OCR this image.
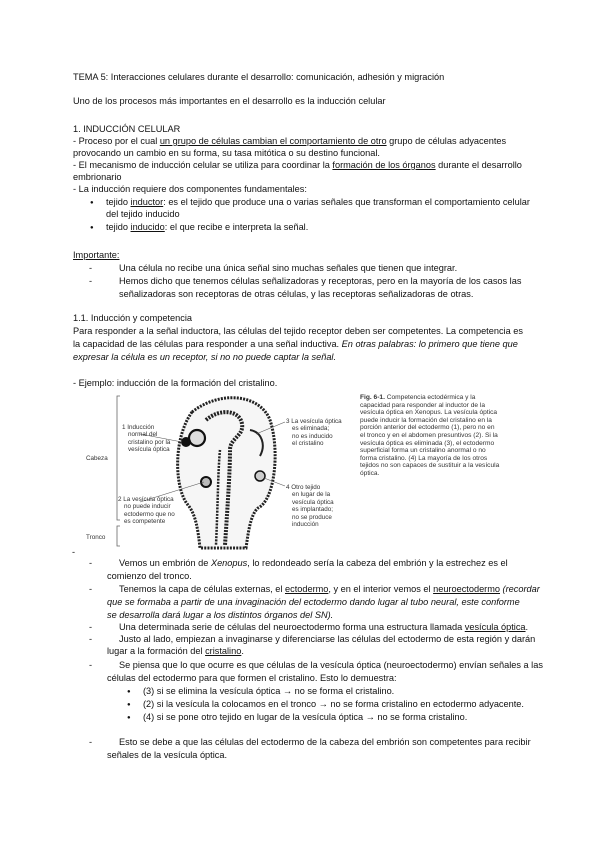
TEMA 5: Interacciones celulares durante el desarrollo: comunicación, adhesión y migración
Uno de los procesos más importantes en el desarrollo es la inducción celular
1. INDUCCIÓN CELULAR
- Proceso por el cual un grupo de células cambian el comportamiento de otro grupo de células adyacentes
provocando un cambio en su forma, su tasa mitótica o su destino funcional.
- El mecanismo de inducción celular se utiliza para coordinar la formación de los órganos durante el desarrollo
embrionario
- La inducción requiere dos componentes fundamentales:
● tejido inductor: es el tejido que produce una o varias señales que transforman el comportamiento celular
del tejido inducido
● tejido inducido: el que recibe e interpreta la señal.
Importante:
-	Una célula no recibe una única señal sino muchas señales que tienen que integrar.
-	Hemos dicho que tenemos células señalizadoras y receptoras, pero en la mayoría de los casos las
señalizadoras son receptoras de otras células, y las receptoras señalizadoras de otras.
1.1. Inducción y competencia
Para responder a la señal inductora, las células del tejido receptor deben ser competentes. La competencia es
la capacidad de las células para responder a una señal inductiva. En otras palabras: lo primero que tiene que
expresar la célula es un receptor, si no no puede captar la señal.
- Ejemplo: inducción de la formación del cristalino.
Cabeza
Tronco
1 Inducción
normal del
cristalino por la
vesícula óptica
2 La vesícula óptica
no puede inducir
ectodermo que no
es competente
3 La vesícula óptica
es eliminada;
no es inducido
el cristalino
4 Otro tejido
en lugar de la
vesícula óptica
es implantado;
no se produce
inducción
Fig. 6-1. Competencia ectodérmica y la
capacidad para responder al inductor de la
vesícula óptica en Xenopus. La vesícula óptica
puede inducir la formación del cristalino en la
porción anterior del ectodermo (1), pero no en
el tronco y en el abdomen presuntivos (2). Si la
vesícula óptica es eliminada (3), el ectodermo
superficial forma un cristalino anormal o no
forma cristalino. (4) La mayoría de los otros
tejidos no son capaces de sustituir a la vesícula
óptica.
-
-	Vemos un embrión de Xenopus, lo redondeado sería la cabeza del embrión y la estrechez es el
comienzo del tronco.
-	Tenemos la capa de células externas, el ectodermo, y en el interior vemos el neuroectodermo (recordar
que se formaba a partir de una invaginación del ectodermo dando lugar al tubo neural, este conforme
se desarrolla dará lugar a los distintos órganos del SN).
-	Una determinada serie de células del neuroectodermo forma una estructura llamada vesícula óptica.
-	Justo al lado, empiezan a invaginarse y diferenciarse las células del ectodermo de esta región y darán
lugar a la formación del cristalino.
-	Se piensa que lo que ocurre es que células de la vesícula óptica (neuroectodermo) envían señales a las
células del ectodermo para que formen el cristalino. Esto lo demuestra:
● (3) si se elimina la vesícula óptica → no se forma el cristalino.
● (2) si la vesícula la colocamos en el tronco → no se forma cristalino en ectodermo adyacente.
● (4) si se pone otro tejido en lugar de la vesícula óptica → no se forma cristalino.
-	Esto se debe a que las células del ectodermo de la cabeza del embrión son competentes para recibir
señales de la vesícula óptica.
